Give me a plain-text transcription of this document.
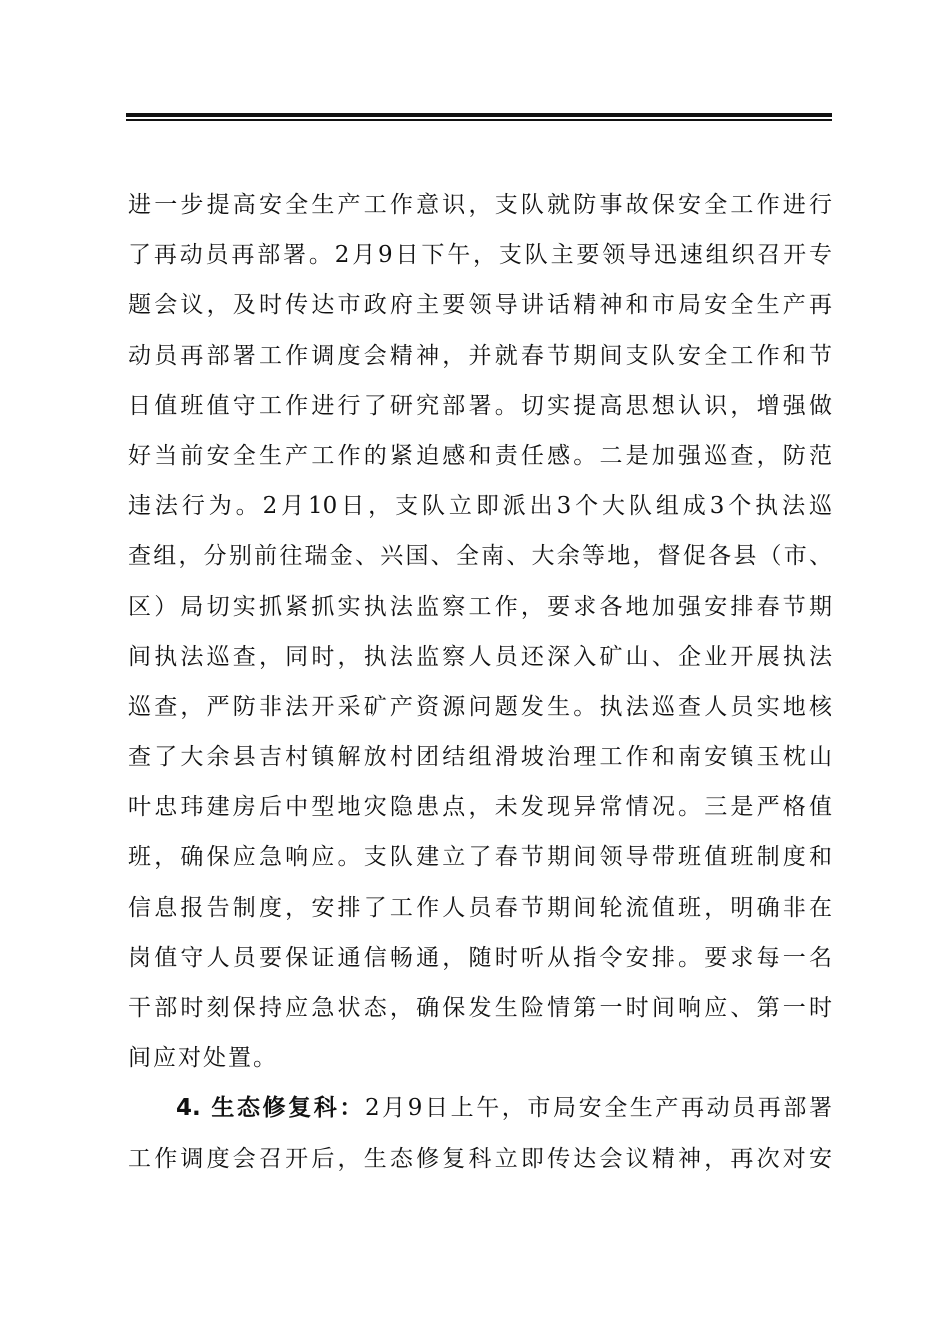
进一步提高安全生产工作意识，支队就防事故保安全工作进行
了再动员再部署。2月9日下午，支队主要领导迅速组织召开专
题会议，及时传达市政府主要领导讲话精神和市局安全生产再
动员再部署工作调度会精神，并就春节期间支队安全工作和节
日值班值守工作进行了研究部署。切实提高思想认识，增强做
好当前安全生产工作的紧迫感和责任感。二是加强巡查，防范
违法行为。2月10日，支队立即派出3个大队组成3个执法巡
查组，分别前往瑞金、兴国、全南、大余等地，督促各县（市、
区）局切实抓紧抓实执法监察工作，要求各地加强安排春节期
间执法巡查，同时，执法监察人员还深入矿山、企业开展执法
巡查，严防非法开采矿产资源问题发生。执法巡查人员实地核
查了大余县吉村镇解放村团结组滑坡治理工作和南安镇玉枕山
叶忠玮建房后中型地灾隐患点，未发现异常情况。三是严格值
班，确保应急响应。支队建立了春节期间领导带班值班制度和
信息报告制度，安排了工作人员春节期间轮流值班，明确非在
岗值守人员要保证通信畅通，随时听从指令安排。要求每一名
干部时刻保持应急状态，确保发生险情第一时间响应、第一时
间应对处置。
4. 生态修复科：2月9日上午，市局安全生产再动员再部署
工作调度会召开后，生态修复科立即传达会议精神，再次对安
